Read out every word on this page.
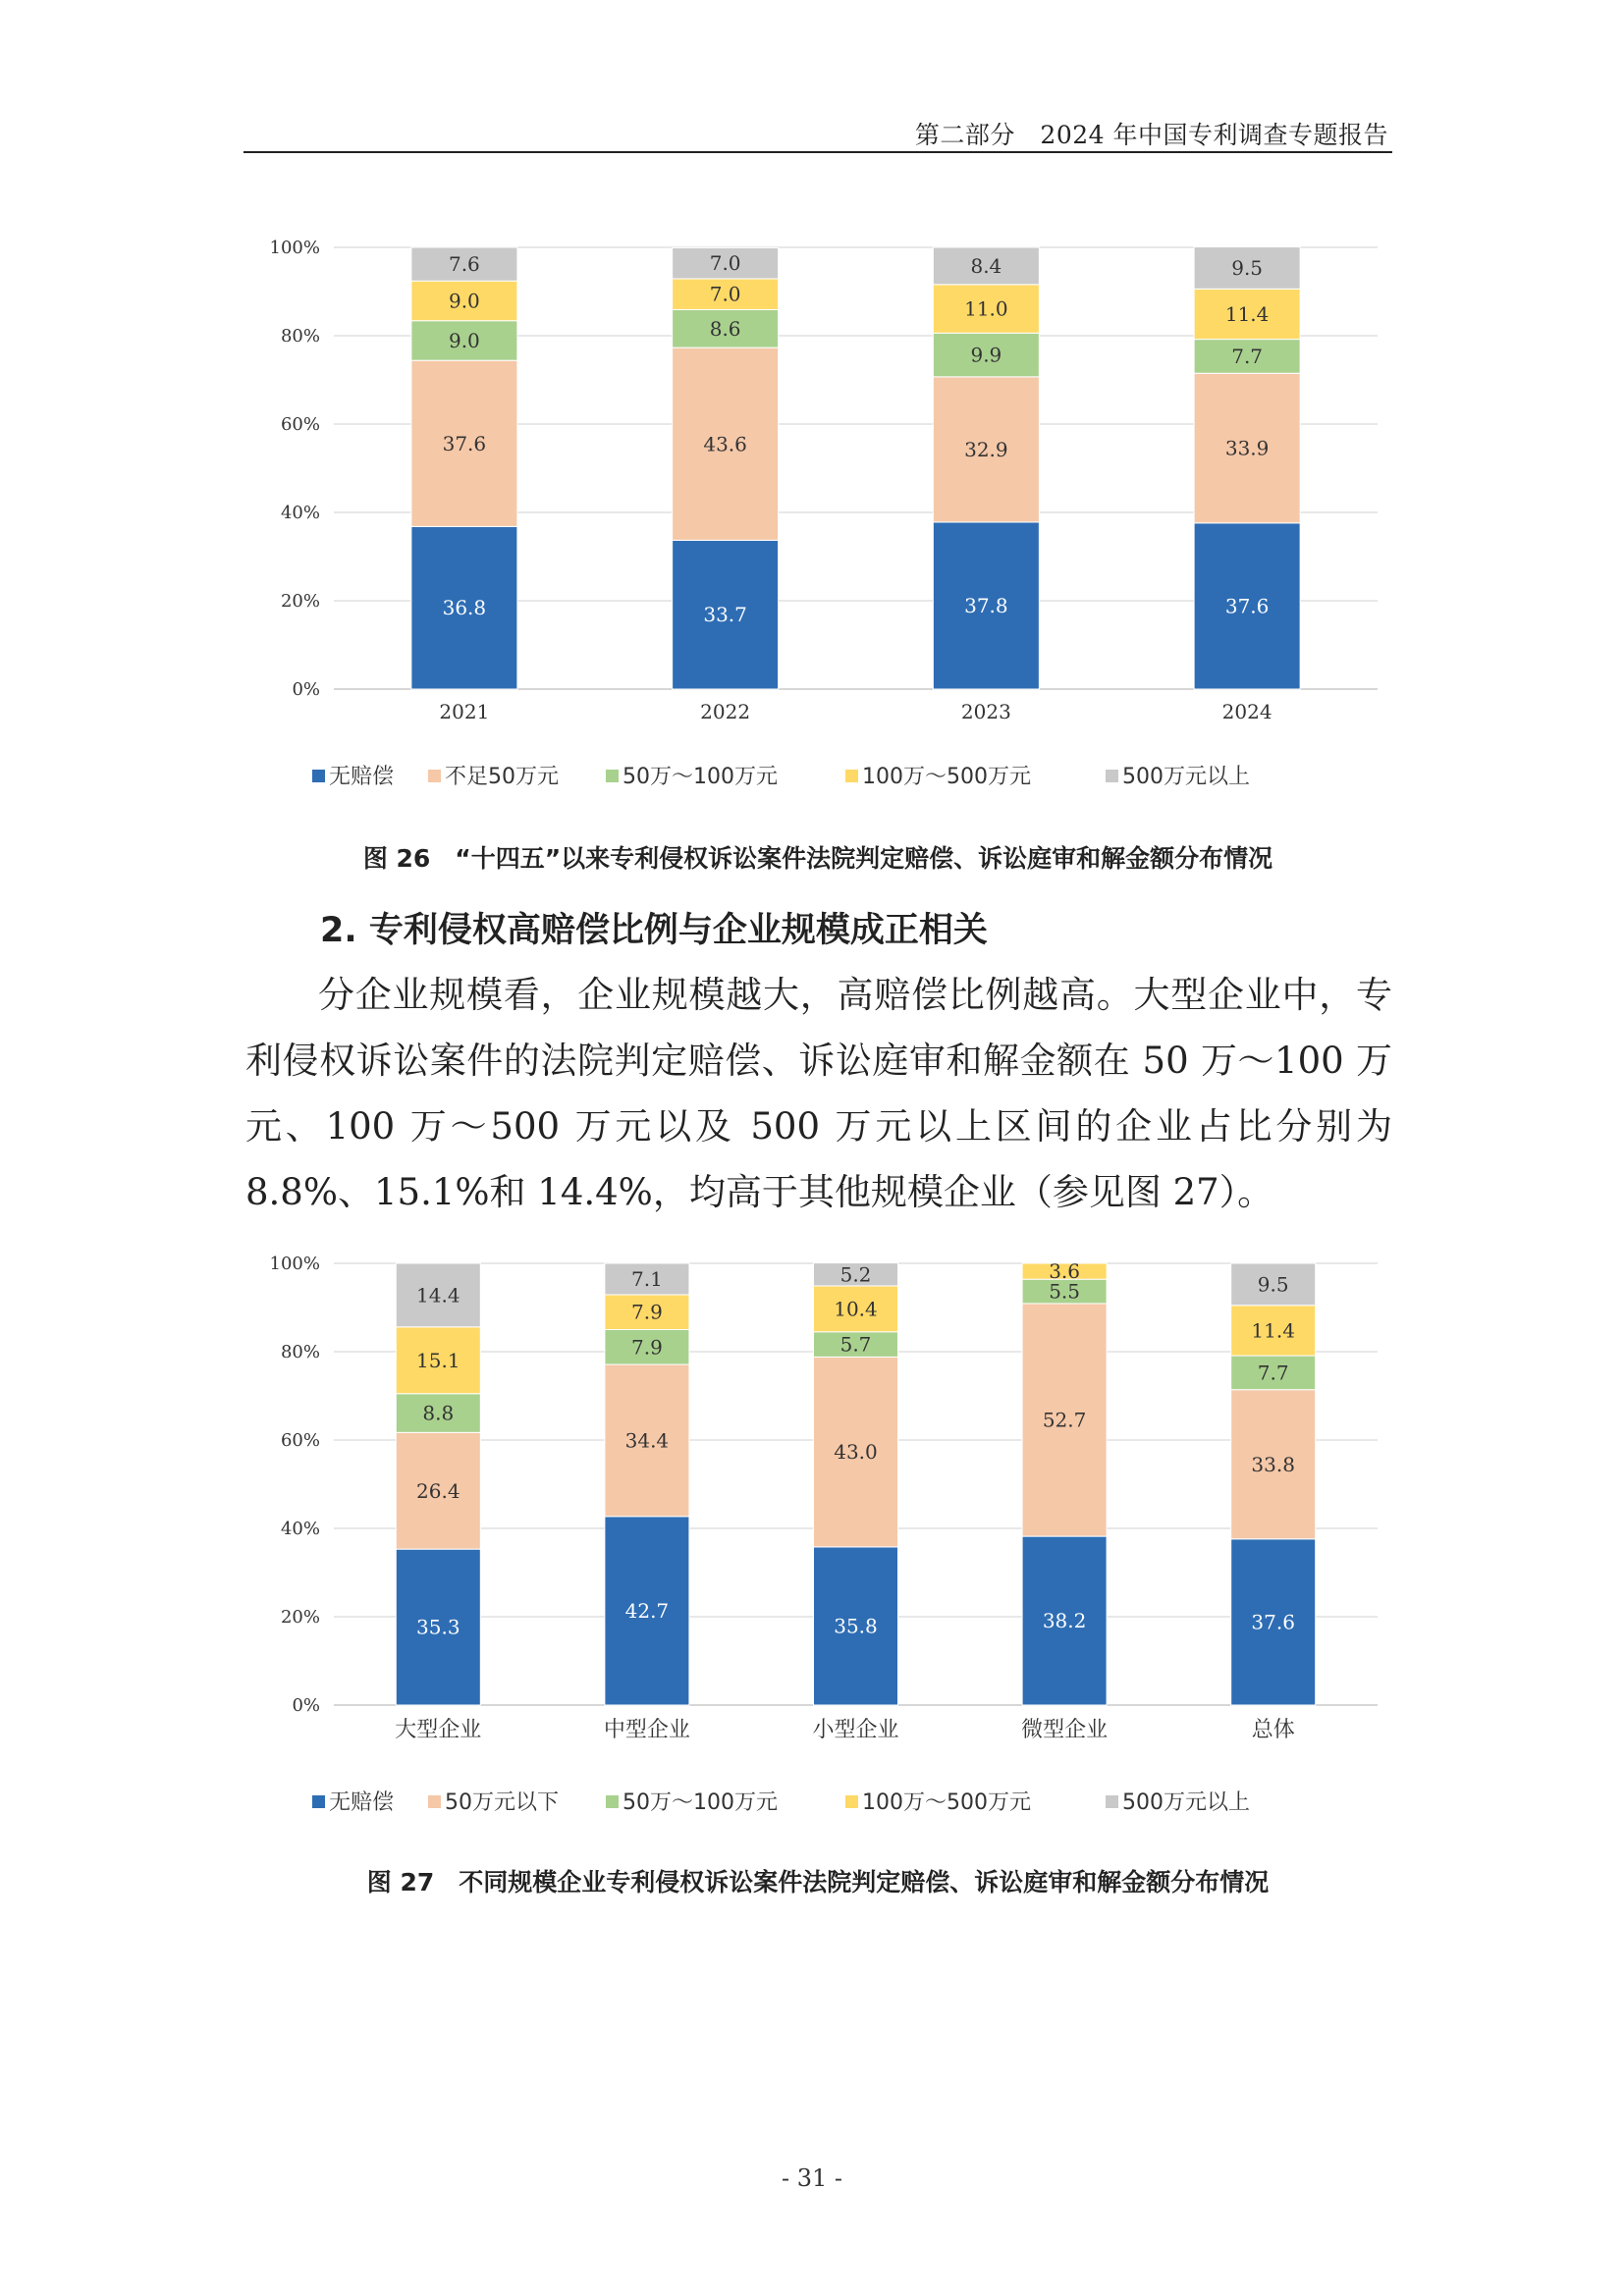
第二部分　2024 年中国专利调查专题报告
0%
20%
40%
60%
80%
100%
36.8
37.6
9.0
9.0
7.6
2021
33.7
43.6
8.6
7.0
7.0
2022
37.8
32.9
9.9
11.0
8.4
2023
37.6
33.9
7.7
11.4
9.5
2024
无赔偿 不足50万元	50万～100万元	100万～500万元	500万元以上
图 26　“十四五”以来专利侵权诉讼案件法院判定赔偿、诉讼庭审和解金额分布情况
2. 专利侵权高赔偿比例与企业规模成正相关
分企业规模看，企业规模越大，高赔偿比例越高。大型企业中，专利侵权诉讼案件的法院判定赔偿、诉讼庭审和解金额在 50 万～100 万元、100 万～500 万元以及 500 万元以上区间的企业占比分别为 8.8%、15.1%和 14.4%，均高于其他规模企业（参见图 27）。
0%
20%
40%
60%
80%
100%
35.3
26.4
8.8
15.1
14.4
大型企业
42.7
34.4
7.9
7.9
7.1
中型企业
35.8
43.0
5.7
10.4
5.2
小型企业
38.2
52.7
5.5
3.6
微型企业
37.6
33.8
7.7
11.4
9.5
总体
无赔偿 50万元以下	50万～100万元	100万～500万元	500万元以上
图 27　不同规模企业专利侵权诉讼案件法院判定赔偿、诉讼庭审和解金额分布情况
- 31 -
